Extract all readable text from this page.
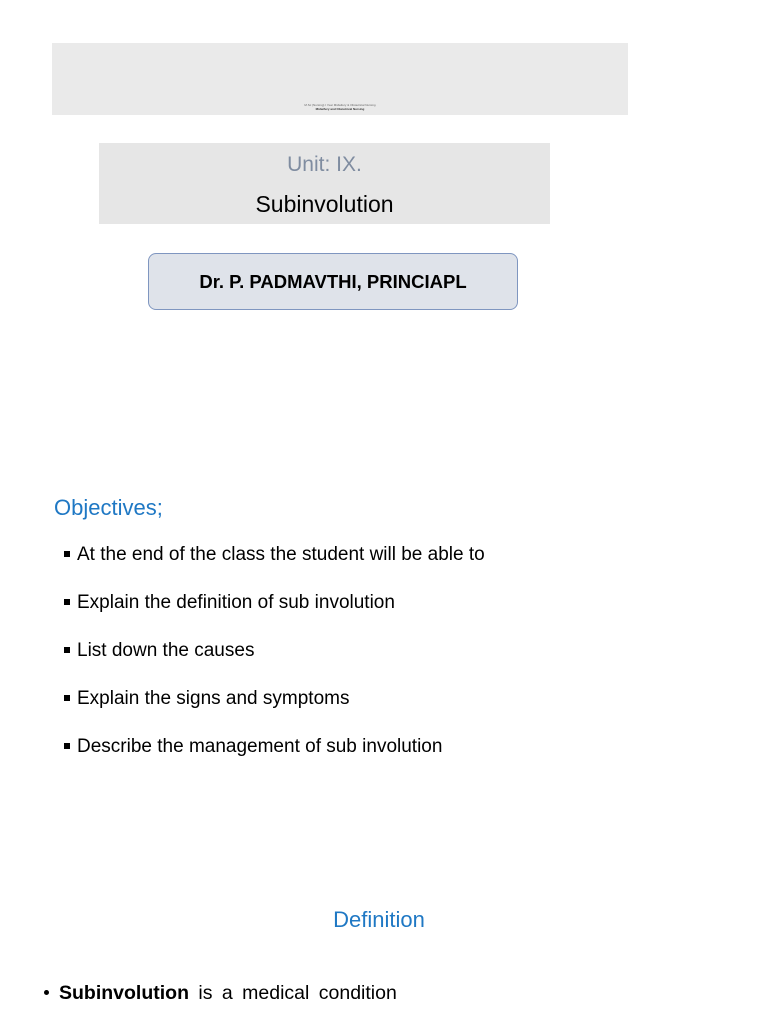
M.Sc (Nursing) I Year Midwifery & Obstetrical Nursing
Midwifery and Obstetrical Nursing
Unit: IX.
Subinvolution
Dr. P. PADMAVTHI, PRINCIAPL
Objectives;
At the end of the class the student will be able to
Explain the definition of sub involution
List down the causes
Explain the signs and symptoms
Describe the management of sub involution
Definition
Subinvolution is a medical condition
